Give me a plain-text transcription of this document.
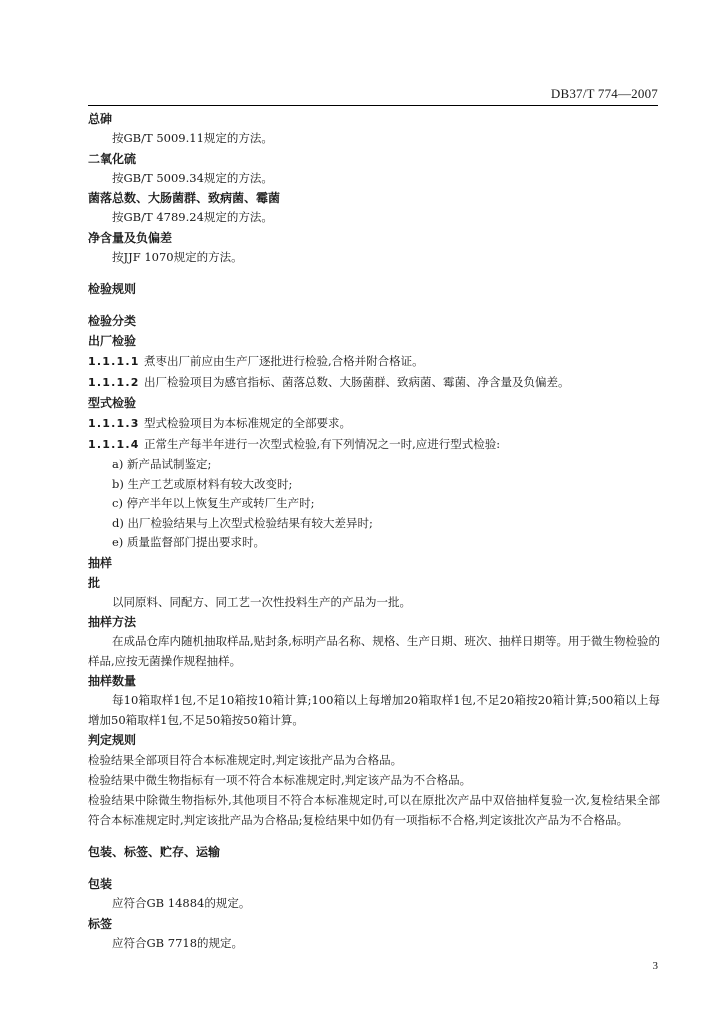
DB37/T 774—2007

总砷

按GB/T 5009.11规定的方法。

二氧化硫

按GB/T 5009.34规定的方法。

菌落总数、大肠菌群、致病菌、霉菌

按GB/T 4789.24规定的方法。

净含量及负偏差

按JJF 1070规定的方法。

检验规则

检验分类

出厂检验

1.1.1.1 煮枣出厂前应由生产厂逐批进行检验,合格并附合格证。

1.1.1.2 出厂检验项目为感官指标、菌落总数、大肠菌群、致病菌、霉菌、净含量及负偏差。

型式检验

1.1.1.3 型式检验项目为本标准规定的全部要求。

1.1.1.4 正常生产每半年进行一次型式检验,有下列情况之一时,应进行型式检验:

a) 新产品试制鉴定;

b) 生产工艺或原材料有较大改变时;

c) 停产半年以上恢复生产或转厂生产时;

d) 出厂检验结果与上次型式检验结果有较大差异时;

e) 质量监督部门提出要求时。

抽样

批

以同原料、同配方、同工艺一次性投料生产的产品为一批。

抽样方法

在成品仓库内随机抽取样品,贴封条,标明产品名称、规格、生产日期、班次、抽样日期等。用于微生物检验的样品,应按无菌操作规程抽样。

抽样数量

每10箱取样1包,不足10箱按10箱计算;100箱以上每增加20箱取样1包,不足20箱按20箱计算;500箱以上每增加50箱取样1包,不足50箱按50箱计算。

判定规则

检验结果全部项目符合本标准规定时,判定该批产品为合格品。

检验结果中微生物指标有一项不符合本标准规定时,判定该产品为不合格品。

检验结果中除微生物指标外,其他项目不符合本标准规定时,可以在原批次产品中双倍抽样复验一次,复检结果全部符合本标准规定时,判定该批产品为合格品;复检结果中如仍有一项指标不合格,判定该批次产品为不合格品。

包装、标签、贮存、运输

包装

应符合GB 14884的规定。

标签

应符合GB 7718的规定。

3
